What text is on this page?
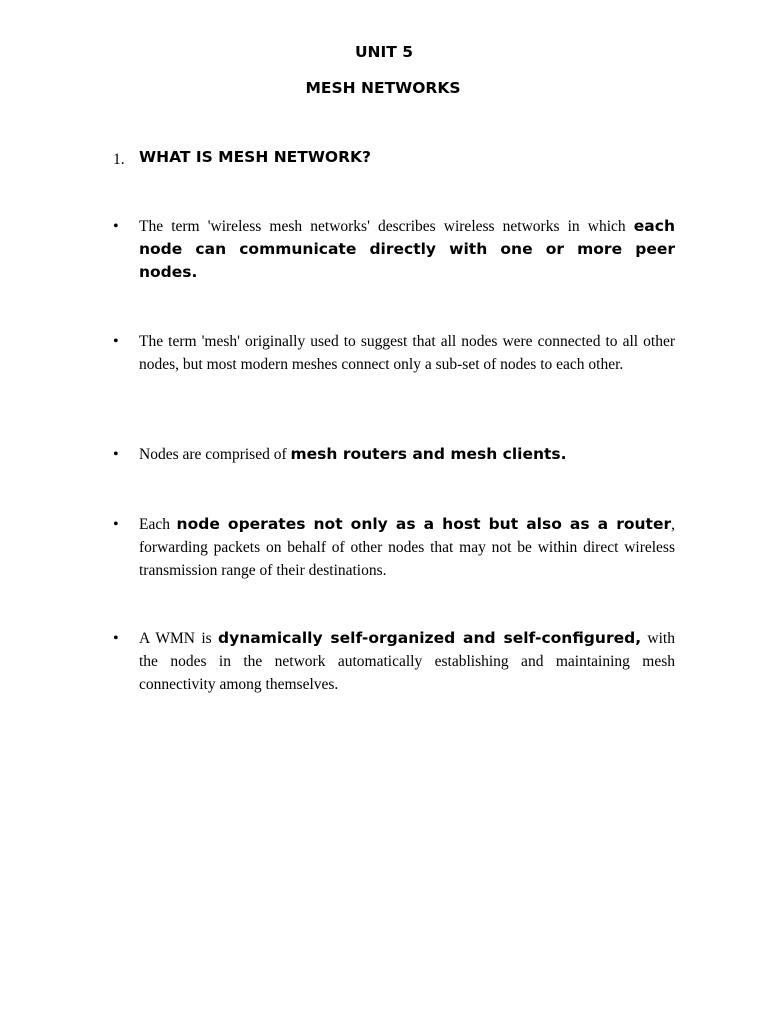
UNIT 5
MESH NETWORKS
1. WHAT IS MESH NETWORK?
•	The term 'wireless mesh networks' describes wireless networks in which each node can communicate directly with one or more peer nodes.
•	The term 'mesh' originally used to suggest that all nodes were connected to all other nodes, but most modern meshes connect only a sub-set of nodes to each other.
•	Nodes are comprised of mesh routers and mesh clients.
•	Each node operates not only as a host but also as a router, forwarding packets on behalf of other nodes that may not be within direct wireless transmission range of their destinations.
•	A WMN is dynamically self-organized and self-configured, with the nodes in the network automatically establishing and maintaining mesh connectivity among themselves.
